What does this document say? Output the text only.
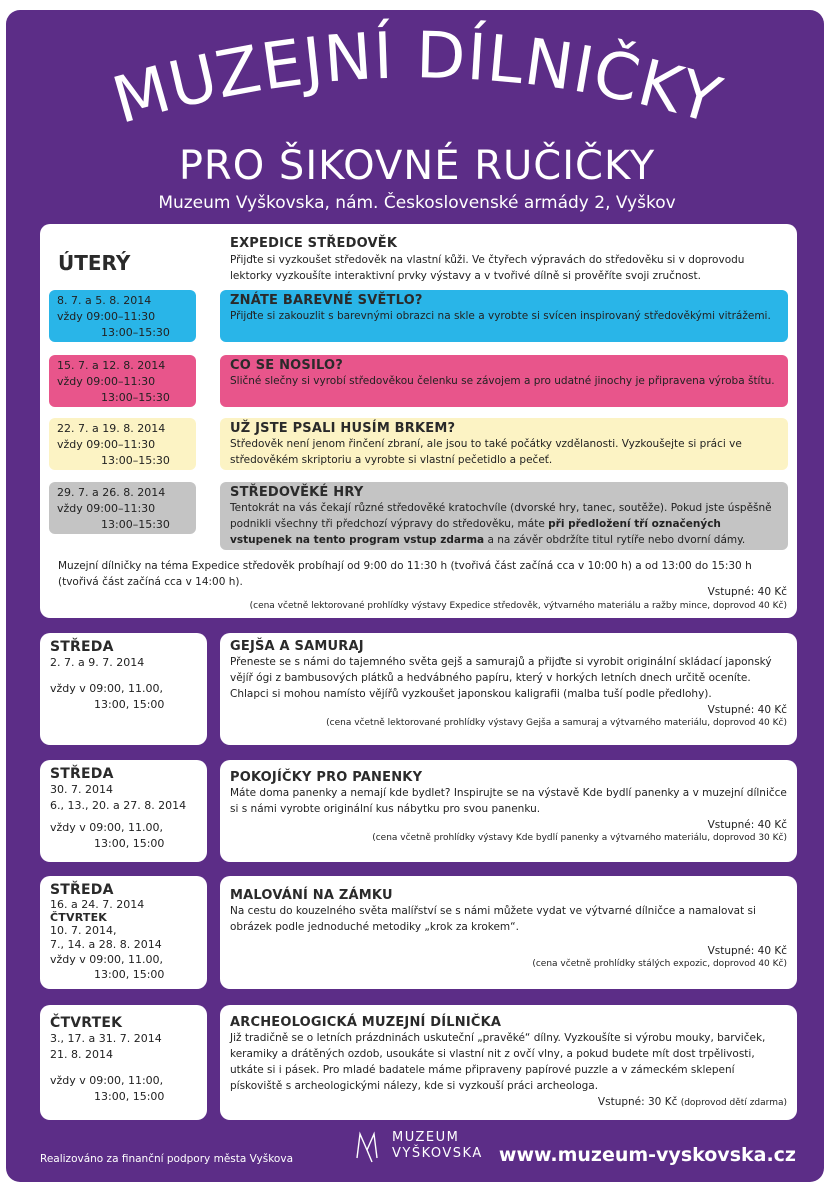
MUZEJNÍ DÍLNIČKY
PRO ŠIKOVNÉ RUČIČKY
Muzeum Vyškovska, nám. Československé armády 2, Vyškov
ÚTERÝ
EXPEDICE STŘEDOVĚK
Přijďte si vyzkoušet středověk na vlastní kůži. Ve čtyřech výpravách do středověku si v doprovodu lektorky vyzkoušíte interaktivní prvky výstavy a v tvořivé dílně si prověříte svoji zručnost.
8. 7. a 5. 8. 2014
vždy 09:00–11:30
13:00–15:30
ZNÁTE BAREVNÉ SVĚTLO?
Přijďte si zakouzlit s barevnými obrazci na skle a vyrobte si svícen inspirovaný středověkými vitrážemi.
15. 7. a 12. 8. 2014
vždy 09:00–11:30
13:00–15:30
CO SE NOSILO?
Sličné slečny si vyrobí středověkou čelenku se závojem a pro udatné jinochy je připravena výroba štítu.
22. 7. a 19. 8. 2014
vždy 09:00–11:30
13:00–15:30
UŽ JSTE PSALI HUSÍM BRKEM?
Středověk není jenom řinčení zbraní, ale jsou to také počátky vzdělanosti. Vyzkoušejte si práci ve středověkém skriptoriu a vyrobte si vlastní pečetidlo a pečeť.
29. 7. a 26. 8. 2014
vždy 09:00–11:30
13:00–15:30
STŘEDOVĚKÉ HRY
Tentokrát na vás čekají různé středověké kratochvíle (dvorské hry, tanec, soutěže). Pokud jste úspěšně podnikli všechny tři předchozí výpravy do středověku, máte při předložení tří označených vstupenek na tento program vstup zdarma a na závěr obdržíte titul rytíře nebo dvorní dámy.
Muzejní dílničky na téma Expedice středověk probíhají od 9:00 do 11:30 h (tvořivá část začíná cca v 10:00 h) a od 13:00 do 15:30 h (tvořivá část začíná cca v 14:00 h).
Vstupné: 40 Kč
(cena včetně lektorované prohlídky výstavy Expedice středověk, výtvarného materiálu a ražby mince, doprovod 40 Kč)
STŘEDA
2. 7. a 9. 7. 2014
vždy v 09:00, 11.00,
13:00, 15:00
GEJŠA A SAMURAJ
Přeneste se s námi do tajemného světa gejš a samurajů a přijďte si vyrobit originální skládací japonský vějíř ógi z bambusových plátků a hedvábného papíru, který v horkých letních dnech určitě oceníte. Chlapci si mohou namísto vějířů vyzkoušet japonskou kaligrafii (malba tuší podle předlohy).
Vstupné: 40 Kč
(cena včetně lektorované prohlídky výstavy Gejša a samuraj a výtvarného materiálu, doprovod 40 Kč)
STŘEDA
30. 7. 2014
6., 13., 20. a 27. 8. 2014
vždy v 09:00, 11.00,
13:00, 15:00
POKOJÍČKY PRO PANENKY
Máte doma panenky a nemají kde bydlet? Inspirujte se na výstavě Kde bydlí panenky a v muzejní dílničce si s námi vyrobte originální kus nábytku pro svou panenku.
Vstupné: 40 Kč
(cena včetně prohlídky výstavy Kde bydlí panenky a výtvarného materiálu, doprovod 30 Kč)
STŘEDA
16. a 24. 7. 2014
ČTVRTEK
10. 7. 2014,
7., 14. a 28. 8. 2014
vždy v 09:00, 11.00,
13:00, 15:00
MALOVÁNÍ NA ZÁMKU
Na cestu do kouzelného světa malířství se s námi můžete vydat ve výtvarné dílničce a namalovat si obrázek podle jednoduché metodiky „krok za krokem“.
Vstupné: 40 Kč
(cena včetně prohlídky stálých expozic, doprovod 40 Kč)
ČTVRTEK
3., 17. a 31. 7. 2014
21. 8. 2014
vždy v 09:00, 11:00,
13:00, 15:00
ARCHEOLOGICKÁ MUZEJNÍ DÍLNIČKA
Již tradičně se o letních prázdninách uskuteční „pravěké“ dílny. Vyzkoušíte si výrobu mouky, barviček, keramiky a drátěných ozdob, usoukáte si vlastní nit z ovčí vlny, a pokud budete mít dost trpělivosti, utkáte si i pásek. Pro mladé badatele máme připraveny papírové puzzle a v zámeckém sklepení pískoviště s archeologickými nálezy, kde si vyzkouší práci archeologa.
Vstupné: 30 Kč (doprovod dětí zdarma)
Realizováno za finanční podpory města Vyškova
MUZEUM
VYŠKOVSKA www.muzeum-vyskovska.cz
